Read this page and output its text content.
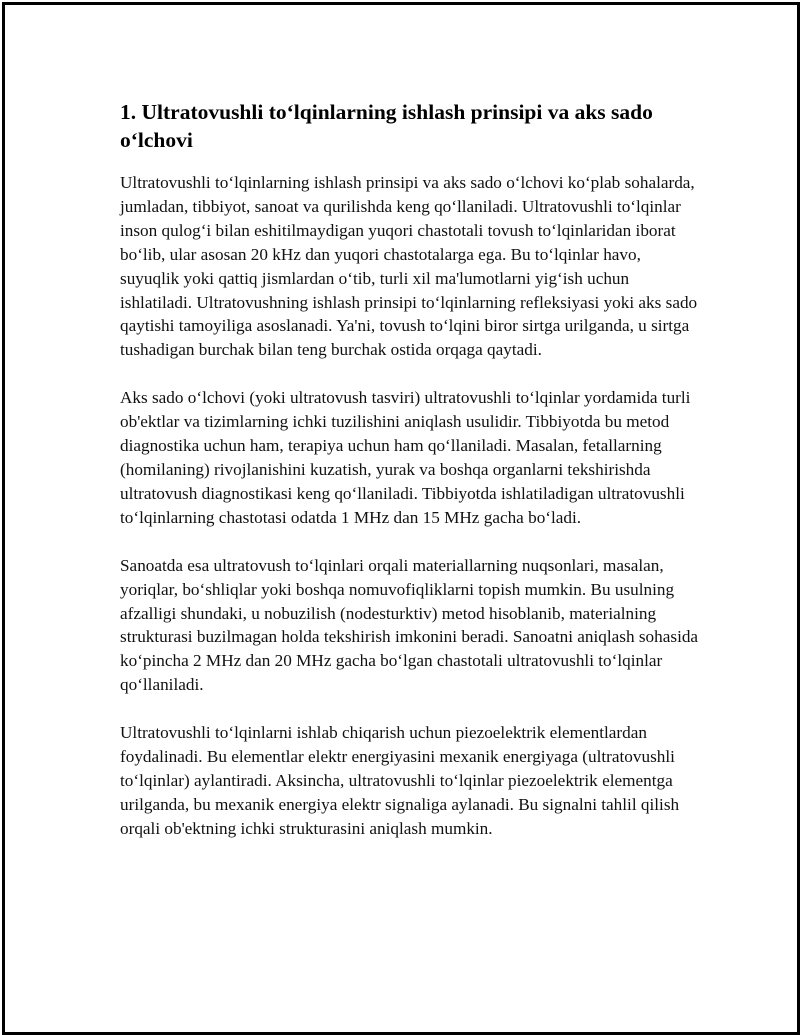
1. Ultratovushli to‘lqinlarning ishlash prinsipi va aks sado o‘lchovi

Ultratovushli to‘lqinlarning ishlash prinsipi va aks sado o‘lchovi ko‘plab sohalarda, jumladan, tibbiyot, sanoat va qurilishda keng qo‘llaniladi. Ultratovushli to‘lqinlar inson qulog‘i bilan eshitilmaydigan yuqori chastotali tovush to‘lqinlaridan iborat bo‘lib, ular asosan 20 kHz dan yuqori chastotalarga ega. Bu to‘lqinlar havo, suyuqlik yoki qattiq jismlardan o‘tib, turli xil ma'lumotlarni yig‘ish uchun ishlatiladi. Ultratovushning ishlash prinsipi to‘lqinlarning refleksiyasi yoki aks sado qaytishi tamoyiliga asoslanadi. Ya'ni, tovush to‘lqini biror sirtga urilganda, u sirtga tushadigan burchak bilan teng burchak ostida orqaga qaytadi.

Aks sado o‘lchovi (yoki ultratovush tasviri) ultratovushli to‘lqinlar yordamida turli ob'ektlar va tizimlarning ichki tuzilishini aniqlash usulidir. Tibbiyotda bu metod diagnostika uchun ham, terapiya uchun ham qo‘llaniladi. Masalan, fetallarning (homilaning) rivojlanishini kuzatish, yurak va boshqa organlarni tekshirishda ultratovush diagnostikasi keng qo‘llaniladi. Tibbiyotda ishlatiladigan ultratovushli to‘lqinlarning chastotasi odatda 1 MHz dan 15 MHz gacha bo‘ladi.

Sanoatda esa ultratovush to‘lqinlari orqali materiallarning nuqsonlari, masalan, yoriqlar, bo‘shliqlar yoki boshqa nomuvofiqliklarni topish mumkin. Bu usulning afzalligi shundaki, u nobuzilish (nodesturktiv) metod hisoblanib, materialning strukturasi buzilmagan holda tekshirish imkonini beradi. Sanoatni aniqlash sohasida ko‘pincha 2 MHz dan 20 MHz gacha bo‘lgan chastotali ultratovushli to‘lqinlar qo‘llaniladi.

Ultratovushli to‘lqinlarni ishlab chiqarish uchun piezoelektrik elementlardan foydalinadi. Bu elementlar elektr energiyasini mexanik energiyaga (ultratovushli to‘lqinlar) aylantiradi. Aksincha, ultratovushli to‘lqinlar piezoelektrik elementga urilganda, bu mexanik energiya elektr signaliga aylanadi. Bu signalni tahlil qilish orqali ob'ektning ichki strukturasini aniqlash mumkin.
